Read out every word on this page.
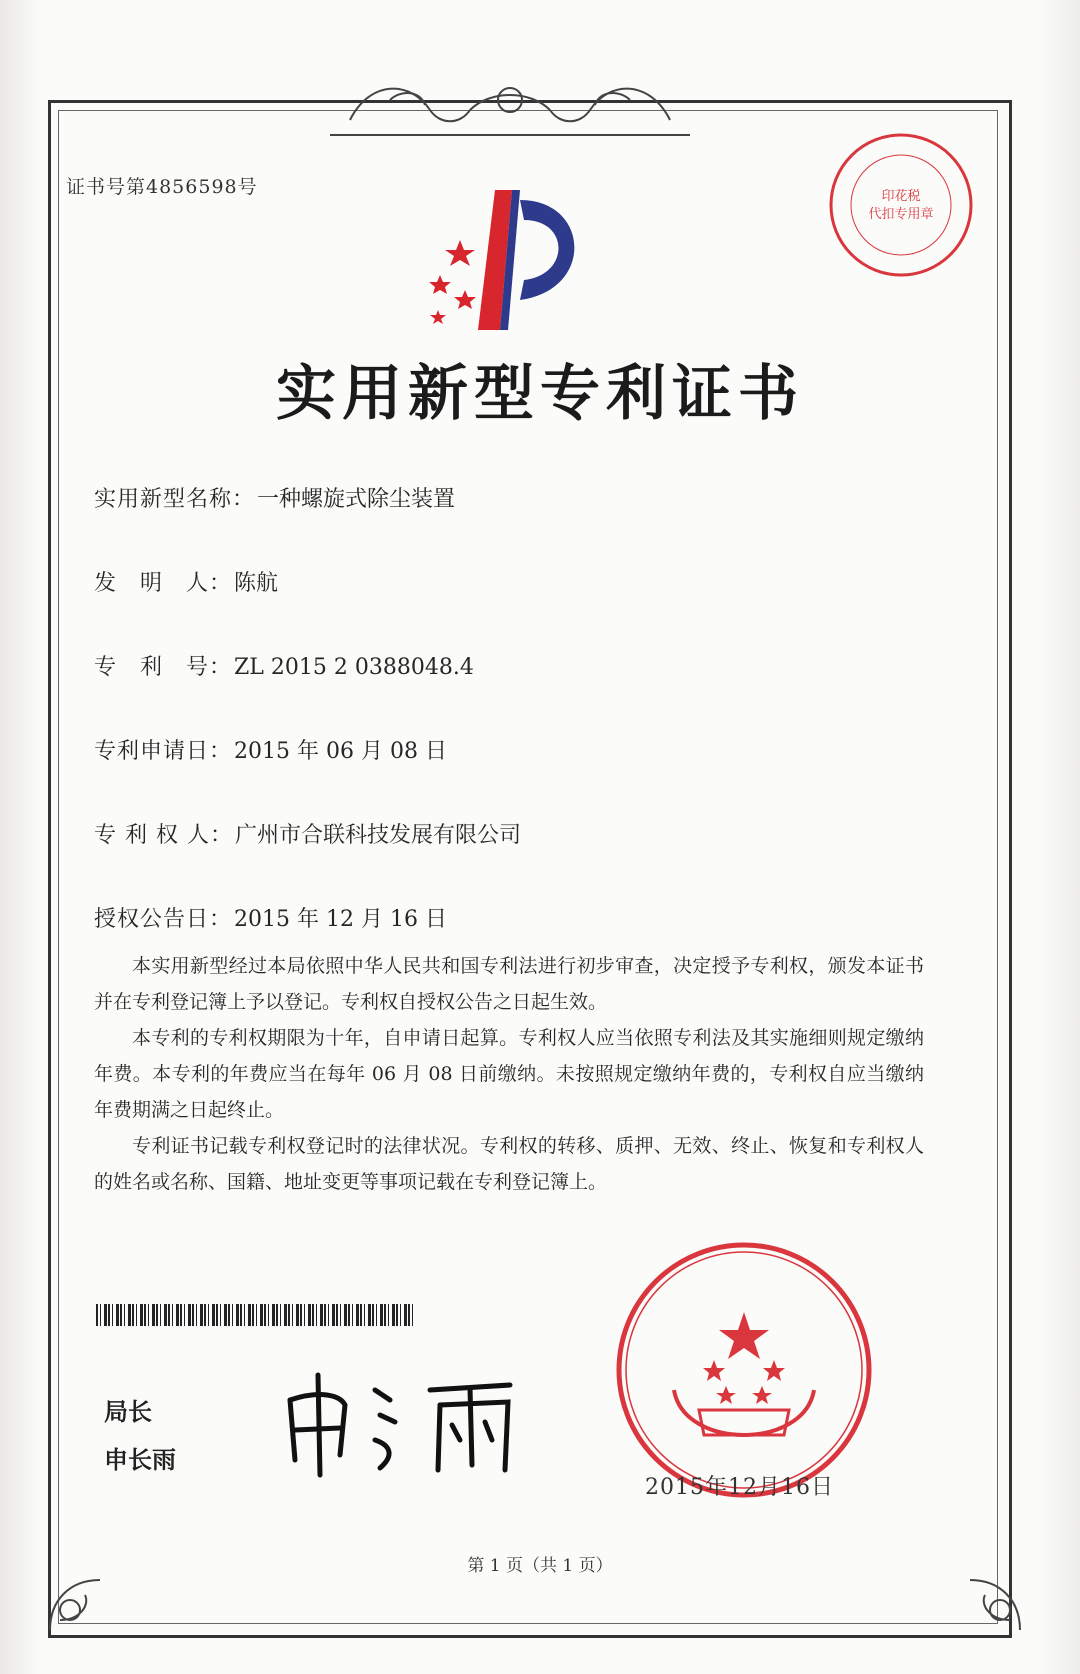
证书号第4856598号	印花税
代扣专用章
实用新型专利证书
实用新型名称：一种螺旋式除尘装置
发　明　人：陈航
专　利　号：ZL 2015 2 0388048.4
专利申请日：2015 年 06 月 08 日
专 利 权 人：广州市合联科技发展有限公司
授权公告日：2015 年 12 月 16 日

本实用新型经过本局依照中华人民共和国专利法进行初步审查，决定授予专利权，颁发本证书并在专利登记簿上予以登记。专利权自授权公告之日起生效。

本专利的专利权期限为十年，自申请日起算。专利权人应当依照专利法及其实施细则规定缴纳年费。本专利的年费应当在每年 06 月 08 日前缴纳。未按照规定缴纳年费的，专利权自应当缴纳年费期满之日起终止。

专利证书记载专利权登记时的法律状况。专利权的转移、质押、无效、终止、恢复和专利权人的姓名或名称、国籍、地址变更等事项记载在专利登记簿上。

局长
申长雨
2015年12月16日
第 1 页（共 1 页）
